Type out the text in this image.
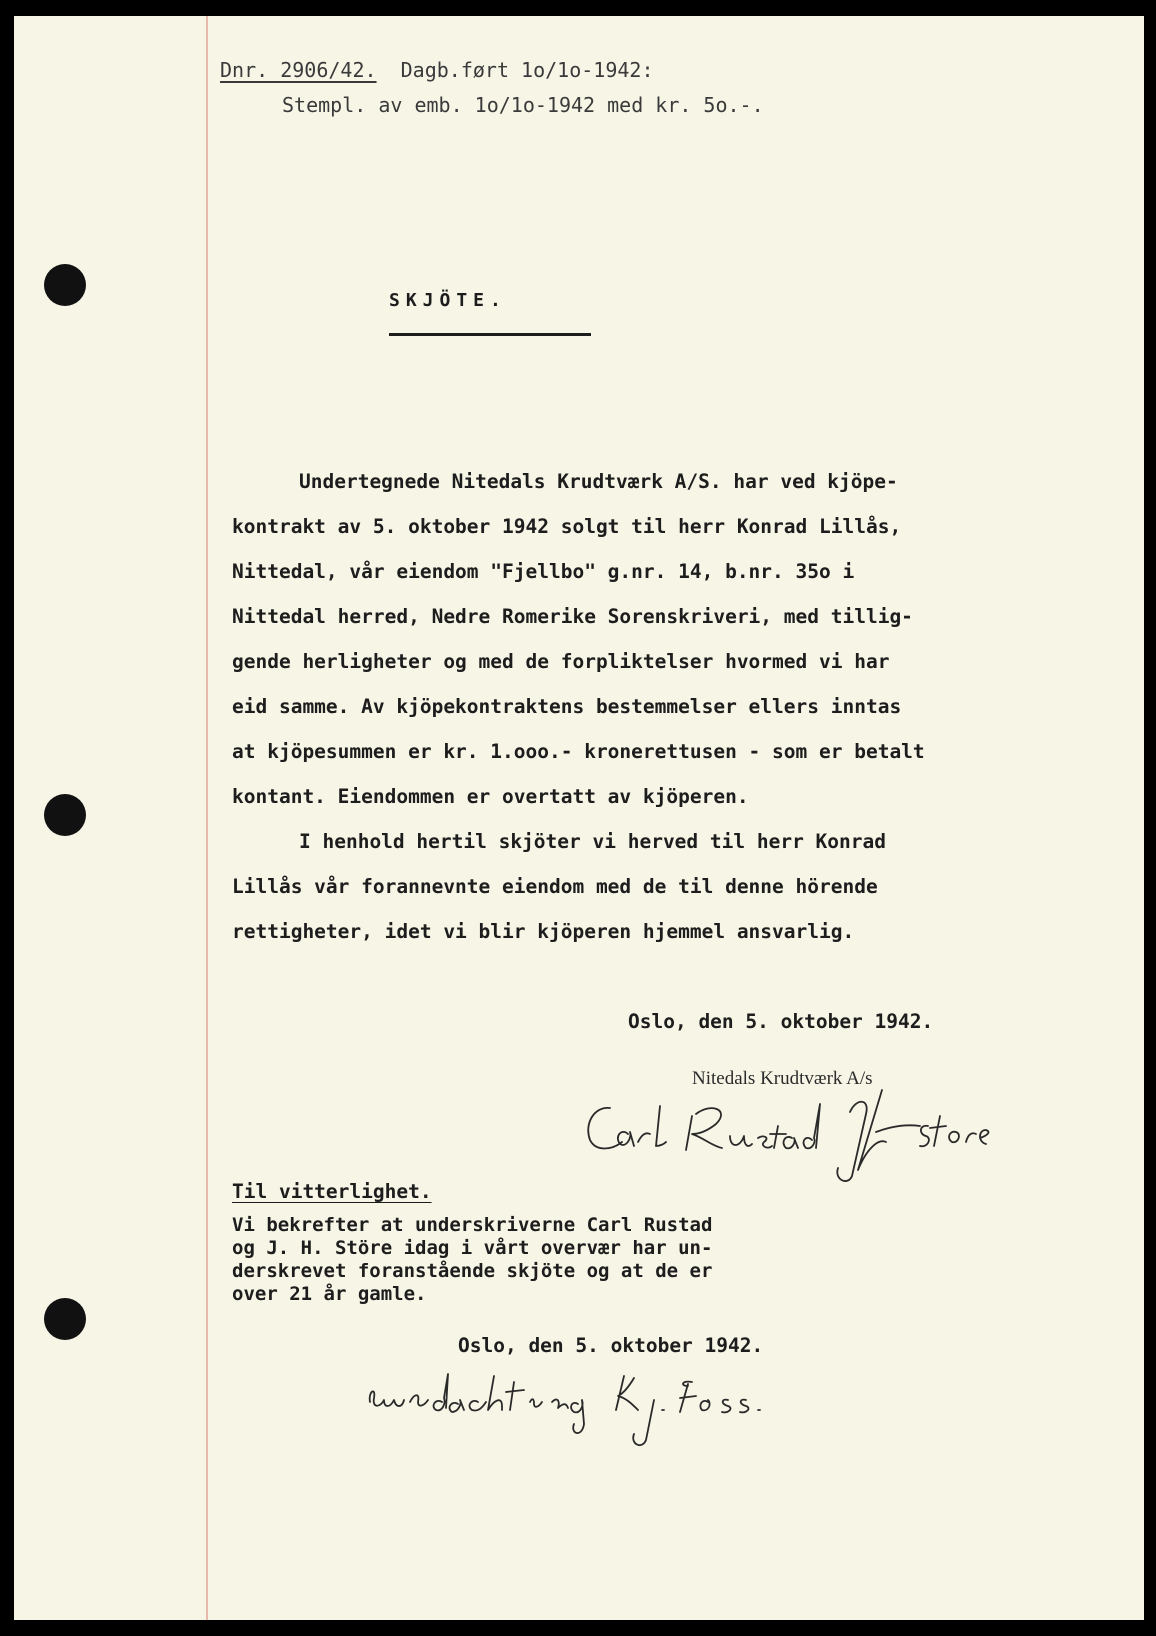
Dnr. 2906/42. Dagb.ført 1o/1o-1942:
Stempl. av emb. 1o/1o-1942 med kr. 5o.-.
SKJÖTE.
Undertegnede Nitedals Krudtværk A/S. har ved kjöpe-
kontrakt av 5. oktober 1942 solgt til herr Konrad Lillås,
Nittedal, vår eiendom "Fjellbo" g.nr. 14, b.nr. 35o i
Nittedal herred, Nedre Romerike Sorenskriveri, med tillig-
gende herligheter og med de forpliktelser hvormed vi har
eid samme. Av kjöpekontraktens bestemmelser ellers inntas
at kjöpesummen er kr. 1.ooo.- kronerettusen - som er betalt
kontant. Eiendommen er overtatt av kjöperen.
I henhold hertil skjöter vi herved til herr Konrad
Lillås vår forannevnte eiendom med de til denne hörende
rettigheter, idet vi blir kjöperen hjemmel ansvarlig.
Oslo, den 5. oktober 1942.
Nitedals Krudtværk A/s
Til vitterlighet.
Vi bekrefter at underskriverne Carl Rustad
og J. H. Störe idag i vårt overvær har un-
derskrevet foranstående skjöte og at de er
over 21 år gamle.
Oslo, den 5. oktober 1942.
